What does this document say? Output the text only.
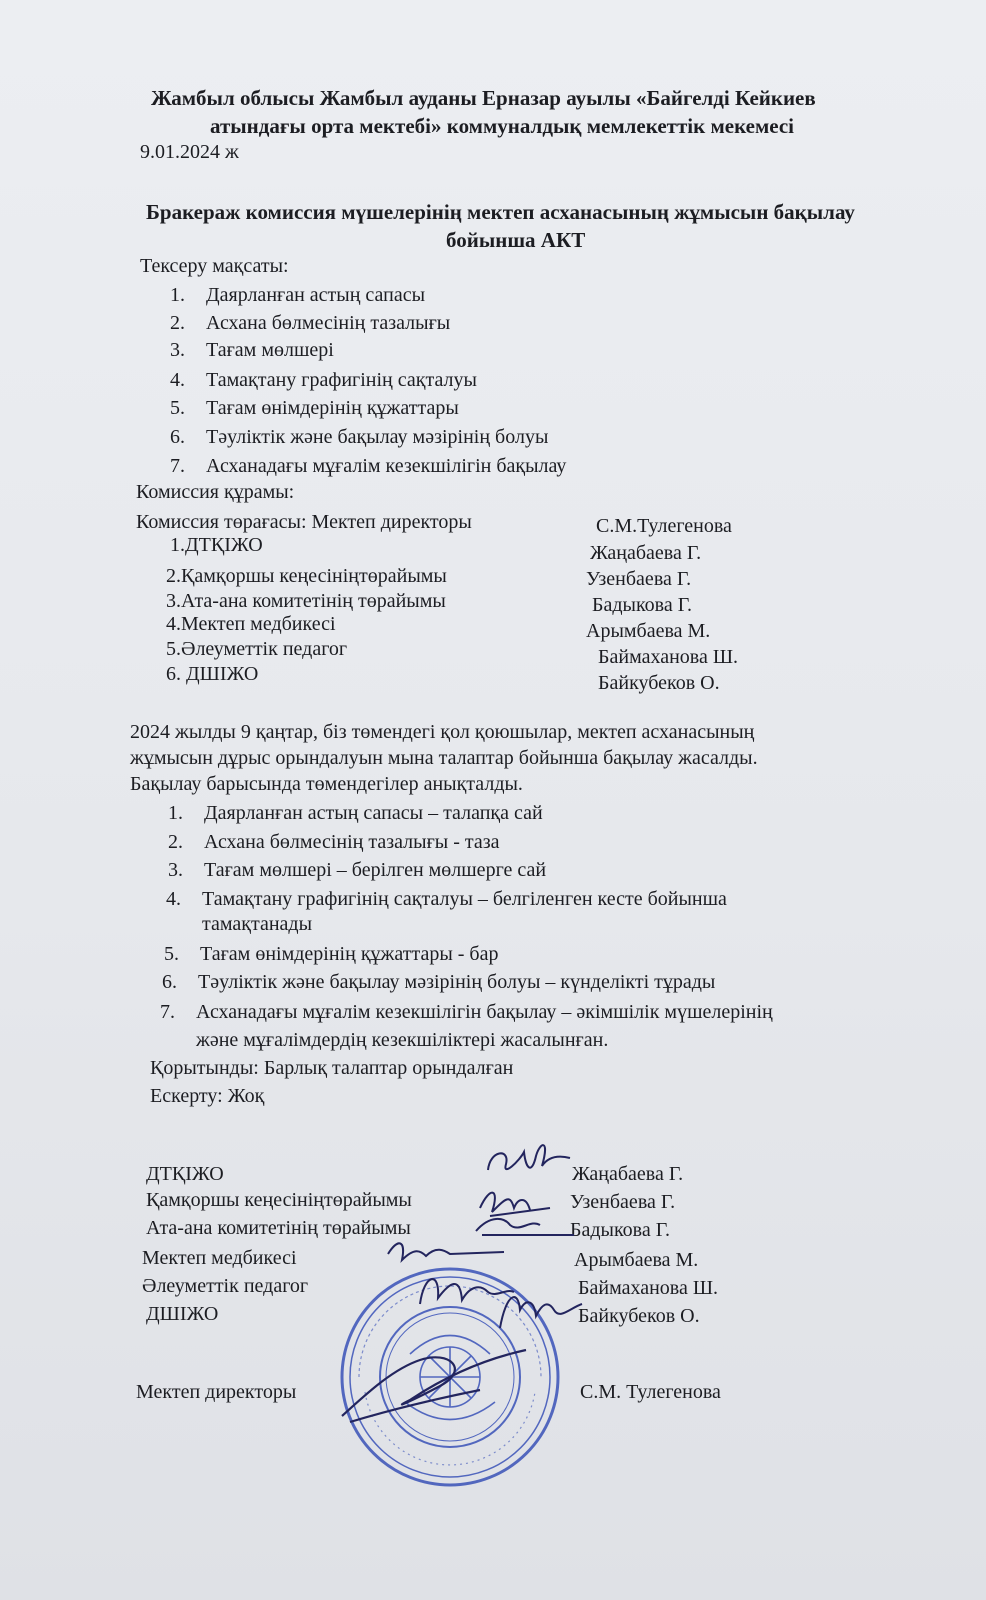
Жамбыл облысы Жамбыл ауданы Ерназар ауылы «Байгелді Кейкиев
атындағы орта мектебі» коммуналдық мемлекеттік мекемесі
9.01.2024 ж
Бракераж комиссия мүшелерінің мектеп асханасының жұмысын бақылау
бойынша АКТ
Тексеру мақсаты:
1. Даярланған астың сапасы
2. Асхана бөлмесінің тазалығы
3. Тағам мөлшері
4. Тамақтану графигінің сақталуы
5. Тағам өнімдерінің құжаттары
6. Тәуліктік және бақылау мәзірінің болуы
7. Асханадағы мұғалім кезекшілігін бақылау
Комиссия құрамы:
Комиссия төрағасы: Мектеп директоры	С.М.Тулегенова
1.ДТҚІЖО	Жаңабаева Г.
2.Қамқоршы кеңесініңтөрайымы	Узенбаева Г.
3.Ата-ана комитетінің төрайымы	Бадыкова Г.
4.Мектеп медбикесі	Арымбаева М.
5.Әлеуметтік педагог	Баймаханова Ш.
6. ДШІЖО	Байкубеков О.
2024 жылды 9 қаңтар, біз төмендегі қол қоюшылар, мектеп асханасының
жұмысын дұрыс орындалуын мына талаптар бойынша бақылау жасалды.
Бақылау барысында төмендегілер анықталды.
1. Даярланған астың сапасы – талапқа сай
2. Асхана бөлмесінің тазалығы - таза
3. Тағам мөлшері – берілген мөлшерге сай
4. Тамақтану графигінің сақталуы – белгіленген кесте бойынша
тамақтанады
5. Тағам өнімдерінің құжаттары - бар
6. Тәуліктік және бақылау мәзірінің болуы – күнделікті тұрады
7. Асханадағы мұғалім кезекшілігін бақылау – әкімшілік мүшелерінің
және мұғалімдердің кезекшіліктері жасалынған.
Қорытынды: Барлық талаптар орындалған
Ескерту: Жоқ
ДТҚІЖО	Жаңабаева Г.
Қамқоршы кеңесініңтөрайымы	Узенбаева Г.
Ата-ана комитетінің төрайымы	Бадыкова Г.
Мектеп медбикесі	Арымбаева М.
Әлеуметтік педагог	Баймаханова Ш.
ДШІЖО	Байкубеков О.
Мектеп директоры	С.М. Тулегенова
